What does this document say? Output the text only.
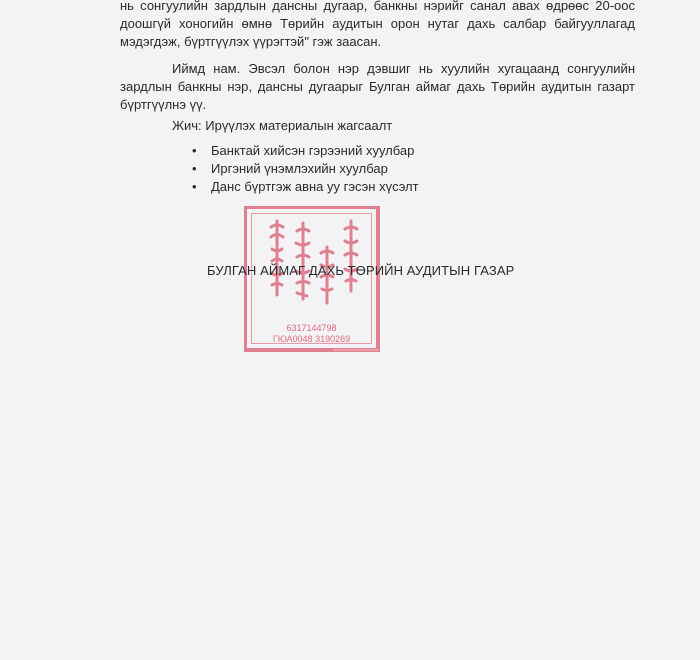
нь сонгуулийн зардлын дансны дугаар, банкны нэрийг санал авах өдрөөс 20-оос
доошгүй хоногийн өмнө Төрийн аудитын орон нутаг дахь салбар байгууллагад
мэдэгдэж, бүртгүүлэх үүрэгтэй" гэж заасан.

Иймд нам. Эвсэл болон нэр дэвшиг нь хуулийн хугацаанд сонгуулийн
зардлын банкны нэр, дансны дугаарыг Булган аймаг дахь Төрийн аудитын газарт
бүртгүүлнэ үү.

Жич: Ирүүлэх материалын жагсаалт

• Банктай хийсэн гэрээний хуулбар
• Иргэний үнэмлэхийн хуулбар
• Данс бүртгэж авна уу гэсэн хүсэлт
6317144798
ГЮА0048 3190269

БУЛГАН АЙМАГ ДАХЬ ТӨРИЙН АУДИТЫН ГАЗАР
